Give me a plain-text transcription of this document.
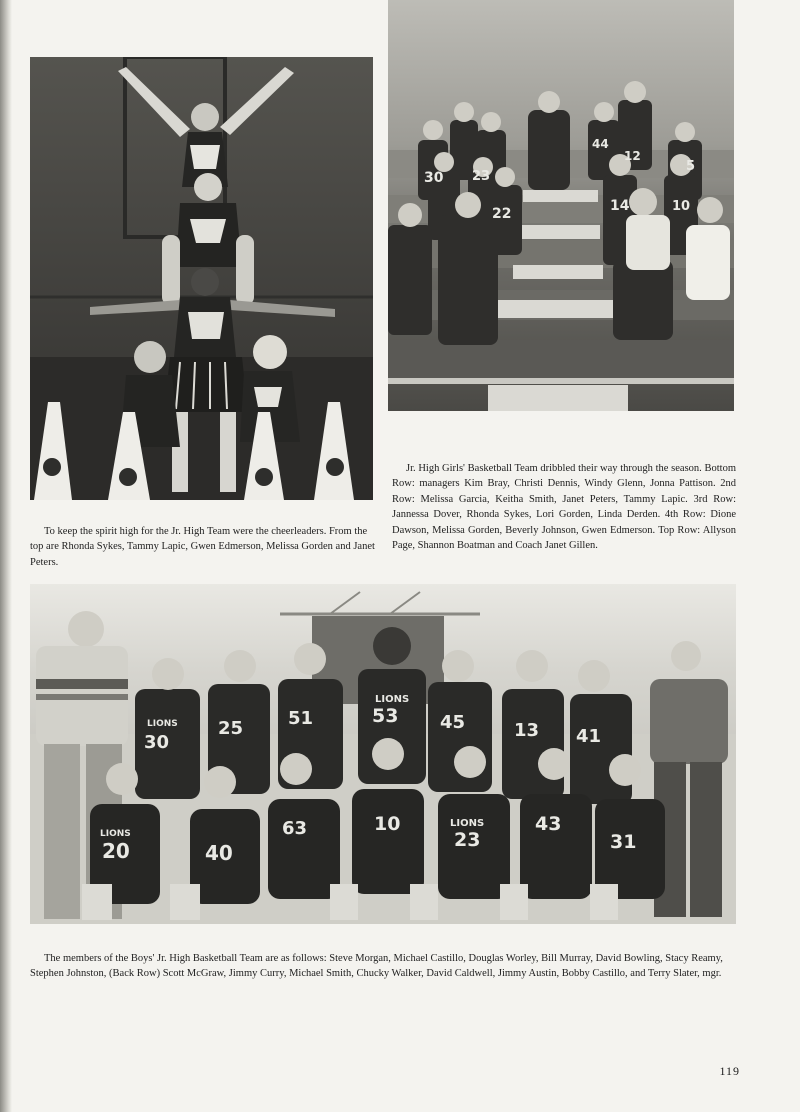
30 23
22	14
5
10
44
12

To keep the spirit high for the Jr. High Team were the cheerleaders. From the top are Rhonda Sykes, Tammy Lapic, Gwen Edmerson, Melissa Gorden and Janet Peters.

Jr. High Girls' Basketball Team dribbled their way through the season. Bottom Row: managers Kim Bray, Christi Dennis, Windy Glenn, Jonna Pattison. 2nd Row: Melissa Garcia, Keitha Smith, Janet Peters, Tammy Lapic. 3rd Row: Jannessa Dover, Rhonda Sykes, Lori Gorden, Linda Derden. 4th Row: Dione Dawson, Melissa Gorden, Beverly Johnson, Gwen Edmerson. Top Row: Allyson Page, Shannon Boatman and Coach Janet Gillen.

LIONS
LIONS
LIONS
LIONS
30
25 51	53 45	13 41
20	40
63	10
23
43
31

The members of the Boys' Jr. High Basketball Team are as follows: Steve Morgan, Michael Castillo, Douglas Worley, Bill Murray, David Bowling, Stacy Reamy, Stephen Johnston, (Back Row) Scott McGraw, Jimmy Curry, Michael Smith, Chucky Walker, David Caldwell, Jimmy Austin, Bobby Castillo, and Terry Slater, mgr.

119
